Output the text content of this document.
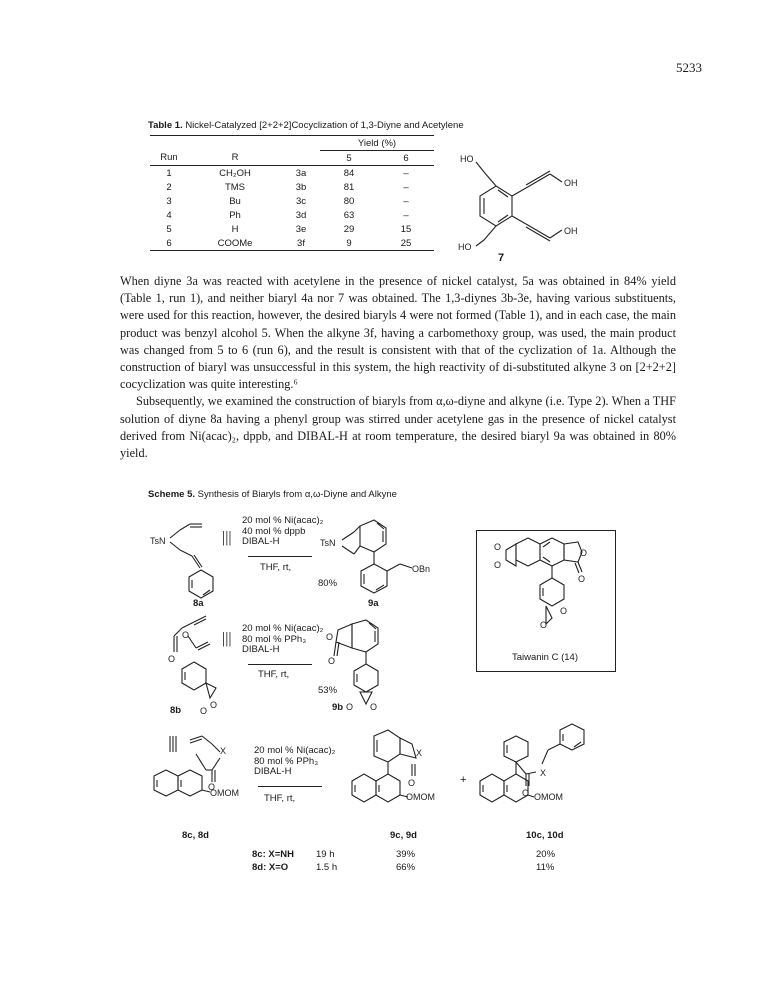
5233
Table 1. Nickel-Catalyzed [2+2+2]Cocyclization of 1,3-Diyne and Acetylene
			Yield (%)	
Run	R		5	6
1	CH₂OH	3a	84	–
2	TMS	3b	81	–
3	Bu	3c	80	–
4	Ph	3d	63	–
5	H	3e	29	15
6	COOMe	3f	9	25
HO
OH
OH
HO
7

When diyne 3a was reacted with acetylene in the presence of nickel catalyst, 5a was obtained in 84% yield (Table 1, run 1), and neither biaryl 4a nor 7 was obtained. The 1,3-diynes 3b-3e, having various substituents, were used for this reaction, however, the desired biaryls 4 were not formed (Table 1), and in each case, the main product was benzyl alcohol 5. When the alkyne 3f, having a carbomethoxy group, was used, the main product was changed from 5 to 6 (run 6), and the result is consistent with that of the cyclization of 1a. Although the construction of biaryl was unsuccessful in this system, the high reactivity of di-substituted alkyne 3 on [2+2+2] cocyclization was quite interesting.⁶

Subsequently, we examined the construction of biaryls from α,ω-diyne and alkyne (i.e. Type 2). When a THF solution of diyne 8a having a phenyl group was stirred under acetylene gas in the presence of nickel catalyst derived from Ni(acac)₂, dppb, and DIBAL-H at room temperature, the desired biaryl 9a was obtained in 80% yield.

Scheme 5. Synthesis of Biaryls from α,ω-Diyne and Alkyne
TsN
8a
|||
20 mol % Ni(acac)₂
40 mol % dppb
DIBAL-H
THF, rt,
80%
TsN
OBn
9a
O
O
O
O
O
O
Taiwanin C (14)
O
O
O
O
|||
8b
20 mol % Ni(acac)₂
80 mol % PPh₃
DIBAL-H
THF, rt,
53%
O
O
O O
9b
X
O
OMOM
8c, 8d
20 mol % Ni(acac)₂
80 mol % PPh₃
DIBAL-H
THF, rt,
X
O
OMOM
+
X
O OMOM
9c, 9d	10c, 10d
8c: X=NH	19 h	39%	20%
8d: X=O	1.5 h	66%	11%
